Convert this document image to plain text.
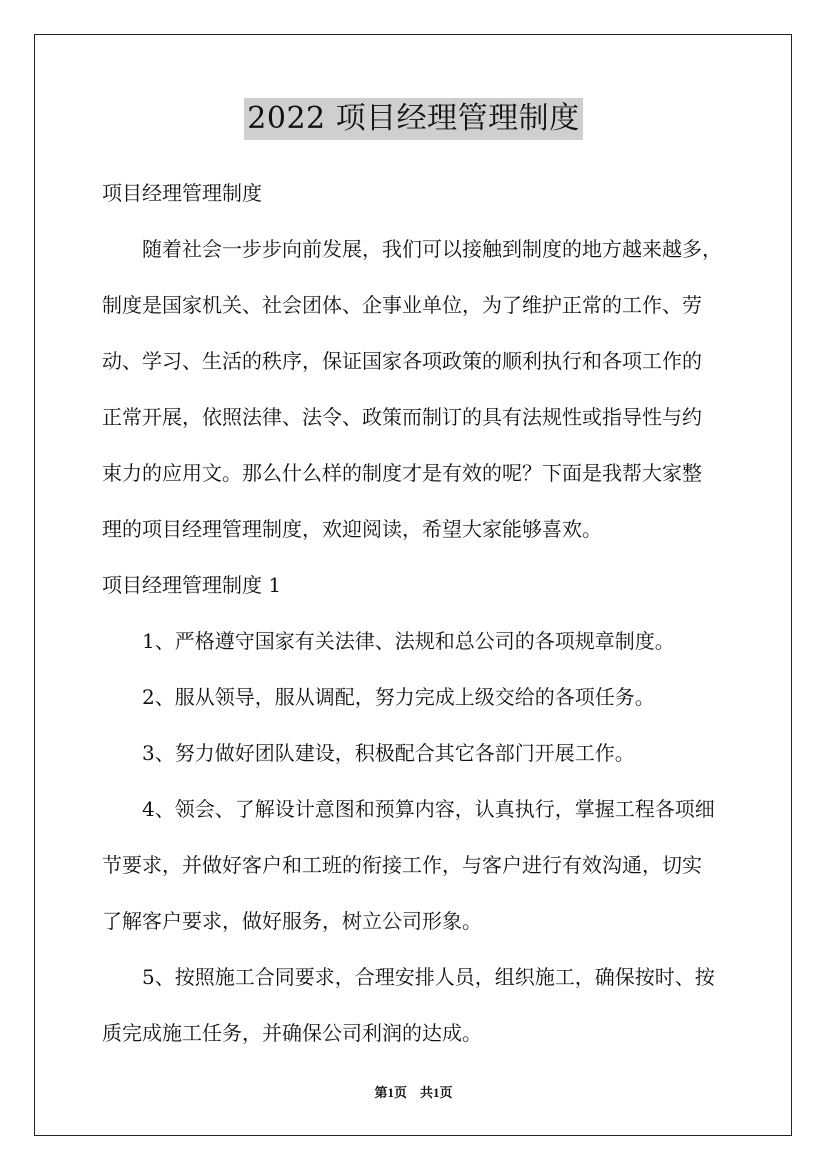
2022 项目经理管理制度

项目经理管理制度

随着社会一步步向前发展，我们可以接触到制度的地方越来越多，

制度是国家机关、社会团体、企事业单位，为了维护正常的工作、劳

动、学习、生活的秩序，保证国家各项政策的顺利执行和各项工作的

正常开展，依照法律、法令、政策而制订的具有法规性或指导性与约

束力的应用文。那么什么样的制度才是有效的呢？下面是我帮大家整

理的项目经理管理制度，欢迎阅读，希望大家能够喜欢。

项目经理管理制度 1

1、严格遵守国家有关法律、法规和总公司的各项规章制度。

2、服从领导，服从调配，努力完成上级交给的各项任务。

3、努力做好团队建设，积极配合其它各部门开展工作。

4、领会、了解设计意图和预算内容，认真执行，掌握工程各项细

节要求，并做好客户和工班的衔接工作，与客户进行有效沟通，切实

了解客户要求，做好服务，树立公司形象。

5、按照施工合同要求，合理安排人员，组织施工，确保按时、按

质完成施工任务，并确保公司利润的达成。

第1页　共1页
